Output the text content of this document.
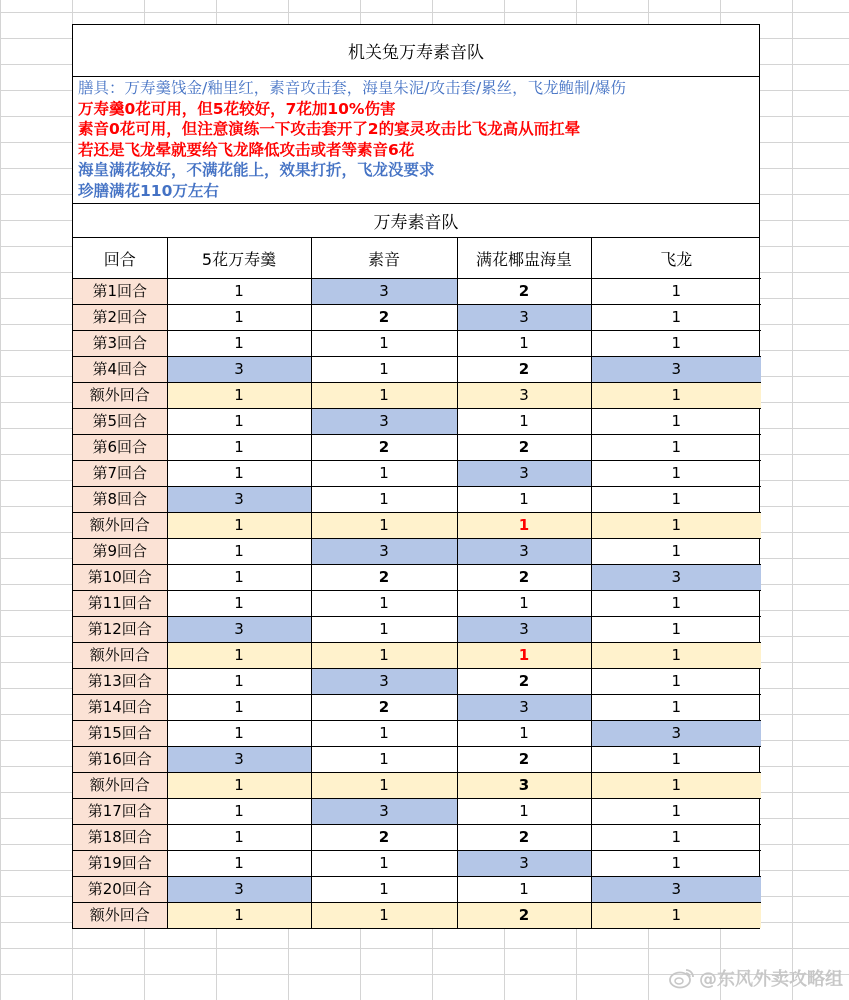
机关兔万寿素音队
膳具：万寿羹饯金/釉里红，素音攻击套，海皇朱泥/攻击套/累丝，飞龙鲍制/爆伤
万寿羹0花可用，但5花较好，7花加10%伤害
素音0花可用，但注意演练一下攻击套开了2的宴灵攻击比飞龙高从而扛晕
若还是飞龙晕就要给飞龙降低攻击或者等素音6花
海皇满花较好，不满花能上，效果打折，飞龙没要求
珍膳满花110万左右
万寿素音队
回合	5花万寿羹	素音	满花椰盅海皇	飞龙
第1回合	1	3	2	1
第2回合	1	2	3	1
第3回合	1	1	1	1
第4回合	3	1	2	3
额外回合	1	1	3	1
第5回合	1	3	1	1
第6回合	1	2	2	1
第7回合	1	1	3	1
第8回合	3	1	1	1
额外回合	1	1	1	1
第9回合	1	3	3	1
第10回合	1	2	2	3
第11回合	1	1	1	1
第12回合	3	1	3	1
额外回合	1	1	1	1
第13回合	1	3	2	1
第14回合	1	2	3	1
第15回合	1	1	1	3
第16回合	3	1	2	1
额外回合	1	1	3	1
第17回合	1	3	1	1
第18回合	1	2	2	1
第19回合	1	1	3	1
第20回合	3	1	1	3
额外回合	1	1	2	1
@东风外卖攻略组
